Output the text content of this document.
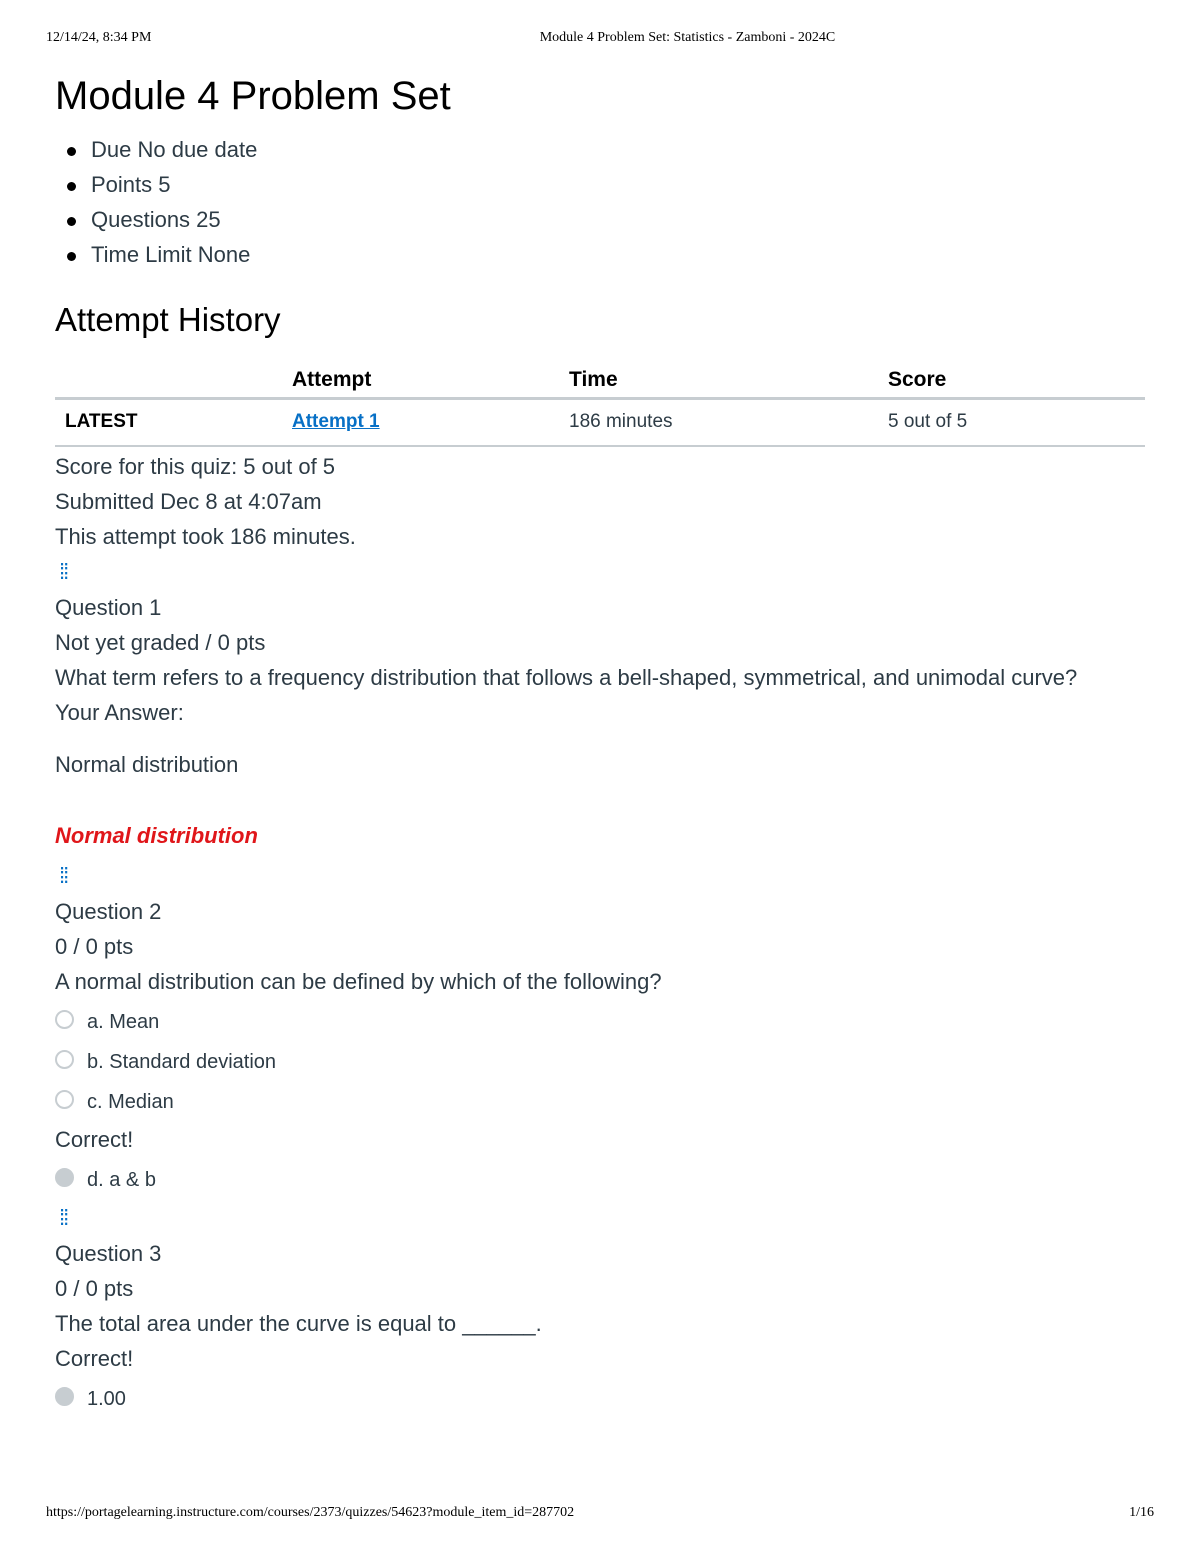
12/14/24, 8:34 PM	Module 4 Problem Set: Statistics - Zamboni - 2024C
Module 4 Problem Set
Due No due date
Points 5
Questions 25
Time Limit None
Attempt History
	Attempt	Time	Score
LATEST	Attempt 1	186 minutes	5 out of 5
Score for this quiz: 5 out of 5
Submitted Dec 8 at 4:07am
This attempt took 186 minutes.
⁞⁞
Question 1
Not yet graded / 0 pts
What term refers to a frequency distribution that follows a bell-shaped, symmetrical, and unimodal curve?
Your Answer:
Normal distribution
Normal distribution
⁞⁞
Question 2
0 / 0 pts
A normal distribution can be defined by which of the following?
a. Mean
b. Standard deviation
c. Median
Correct!
d. a & b
⁞⁞
Question 3
0 / 0 pts
The total area under the curve is equal to ______.
Correct!
1.00
https://portagelearning.instructure.com/courses/2373/quizzes/54623?module_item_id=287702	1/16
